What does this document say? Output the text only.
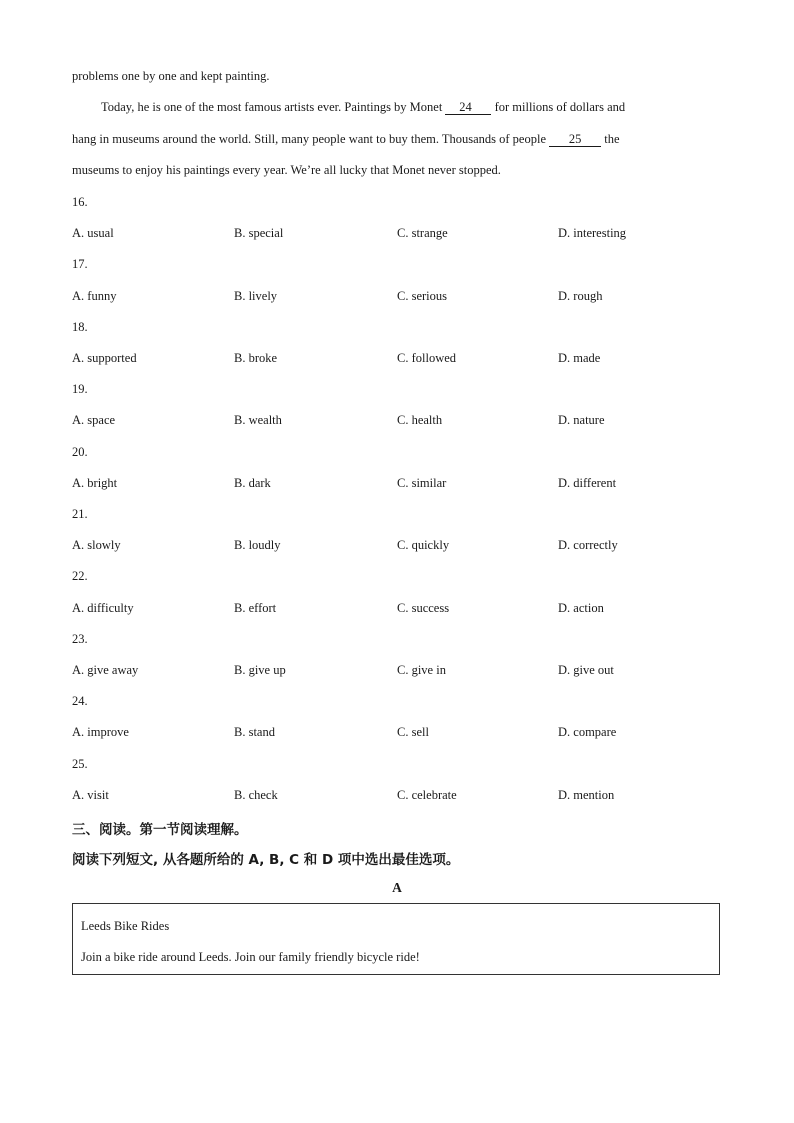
problems one by one and kept painting.
Today, he is one of the most famous artists ever. Paintings by Monet 24 for millions of dollars and
hang in museums around the world. Still, many people want to buy them. Thousands of people 25 the
museums to enjoy his paintings every year. We’re all lucky that Monet never stopped.
16.
A. usual	B. special	C. strange	D. interesting
17.
A. funny	B. lively	C. serious	D. rough
18.
A. supported	B. broke	C. followed	D. made
19.
A. space	B. wealth	C. health	D. nature
20.
A. bright	B. dark	C. similar	D. different
21.
A. slowly	B. loudly	C. quickly	D. correctly
22.
A. difficulty	B. effort	C. success	D. action
23.
A. give away	B. give up	C. give in	D. give out
24.
A. improve	B. stand	C. sell	D. compare
25.
A. visit	B. check	C. celebrate	D. mention
三、阅读。第一节阅读理解。
阅读下列短文, 从各题所给的 A, B, C 和 D 项中选出最佳选项。
A
Leeds Bike Rides
Join a bike ride around Leeds. Join our family friendly bicycle ride!
